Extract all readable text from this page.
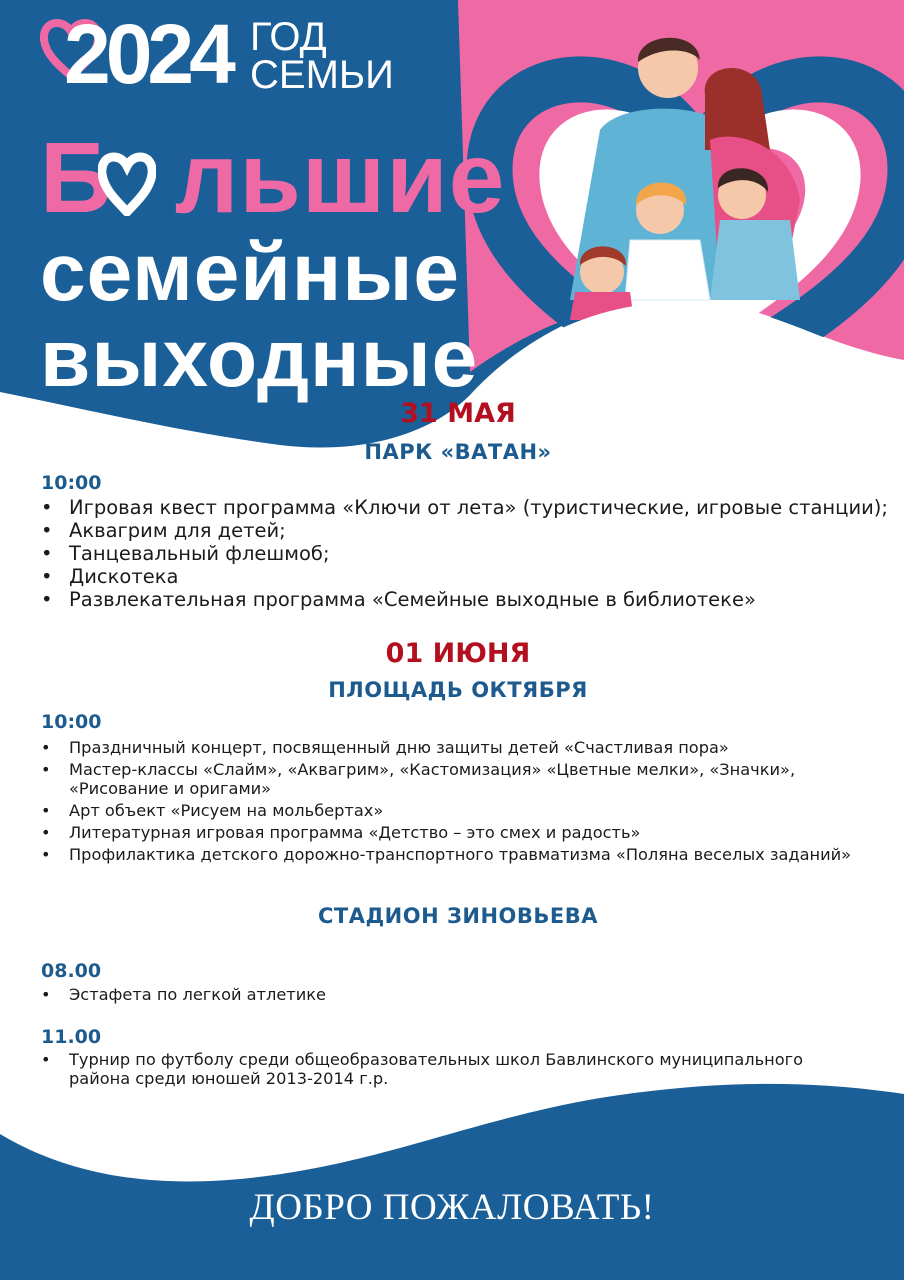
2024 ГОД
СЕМЬИ
Б льшие
семейные
выходные
31 МАЯ
ПАРК «ВАТАН»
10:00
• Игровая квест программа «Ключи от лета» (туристические, игровые станции);
• Аквагрим для детей;
• Танцевальный флешмоб;
• Дискотека
• Развлекательная программа «Семейные выходные в библиотеке»
01 ИЮНЯ
ПЛОЩАДЬ ОКТЯБРЯ
10:00
• Праздничный концерт, посвященный дню защиты детей «Счастливая пора»
• Мастер-классы «Слайм», «Аквагрим», «Кастомизация» «Цветные мелки», «Значки», «Рисование и оригами»
• Арт объект «Рисуем на мольбертах»
• Литературная игровая программа «Детство – это смех и радость»
• Профилактика детского дорожно-транспортного травматизма «Поляна веселых заданий»
СТАДИОН ЗИНОВЬЕВА
08.00
• Эстафета по легкой атлетике
11.00
• Турнир по футболу среди общеобразовательных школ Бавлинского муниципального района среди юношей 2013-2014 г.р.
ДОБРО ПОЖАЛОВАТЬ!
